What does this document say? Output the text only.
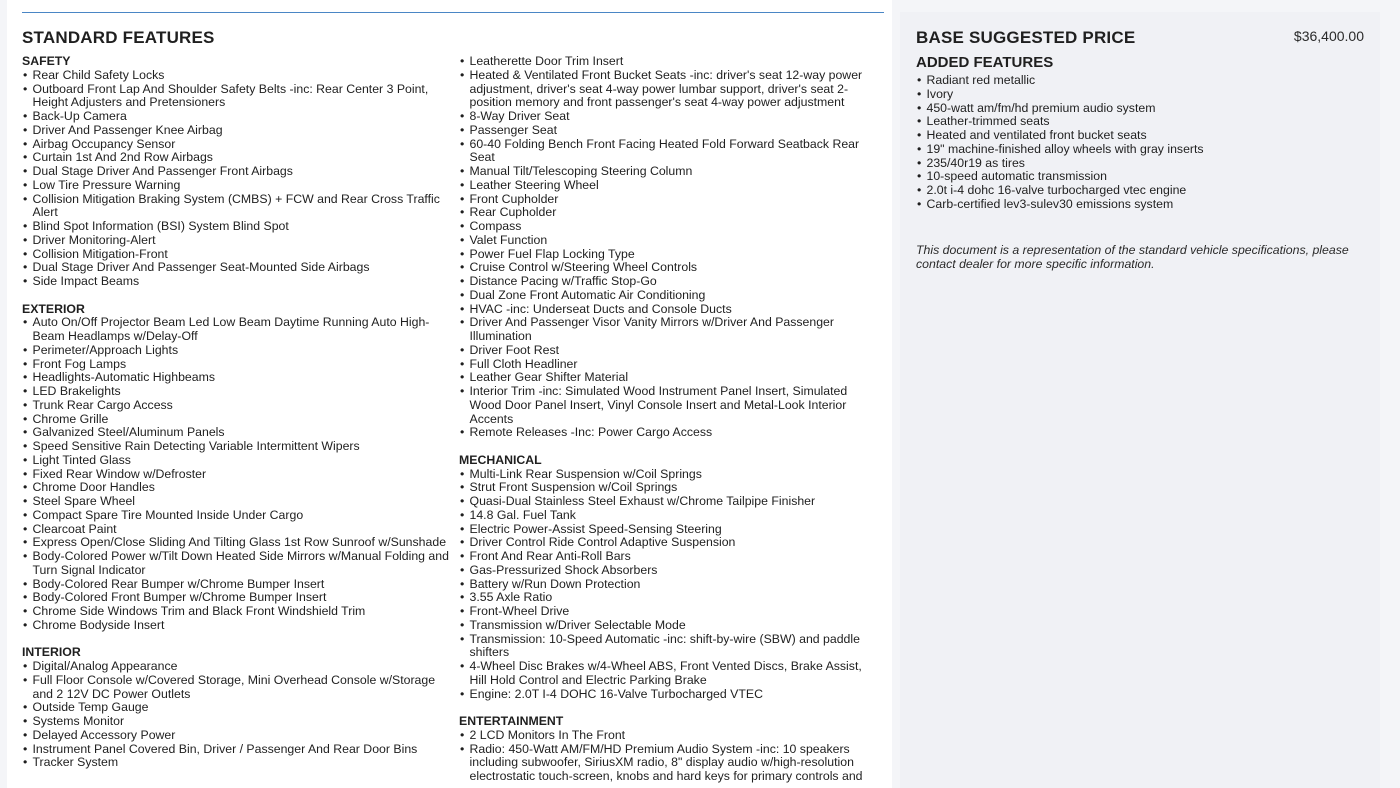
STANDARD FEATURES
SAFETY
• Rear Child Safety Locks
• Outboard Front Lap And Shoulder Safety Belts -inc: Rear Center 3 Point, Height Adjusters and Pretensioners
• Back-Up Camera
• Driver And Passenger Knee Airbag
• Airbag Occupancy Sensor
• Curtain 1st And 2nd Row Airbags
• Dual Stage Driver And Passenger Front Airbags
• Low Tire Pressure Warning
• Collision Mitigation Braking System (CMBS) + FCW and Rear Cross Traffic Alert
• Blind Spot Information (BSI) System Blind Spot
• Driver Monitoring-Alert
• Collision Mitigation-Front
• Dual Stage Driver And Passenger Seat-Mounted Side Airbags
• Side Impact Beams
EXTERIOR
• Auto On/Off Projector Beam Led Low Beam Daytime Running Auto High-Beam Headlamps w/Delay-Off
• Perimeter/Approach Lights
• Front Fog Lamps
• Headlights-Automatic Highbeams
• LED Brakelights
• Trunk Rear Cargo Access
• Chrome Grille
• Galvanized Steel/Aluminum Panels
• Speed Sensitive Rain Detecting Variable Intermittent Wipers
• Light Tinted Glass
• Fixed Rear Window w/Defroster
• Chrome Door Handles
• Steel Spare Wheel
• Compact Spare Tire Mounted Inside Under Cargo
• Clearcoat Paint
• Express Open/Close Sliding And Tilting Glass 1st Row Sunroof w/Sunshade
• Body-Colored Power w/Tilt Down Heated Side Mirrors w/Manual Folding and Turn Signal Indicator
• Body-Colored Rear Bumper w/Chrome Bumper Insert
• Body-Colored Front Bumper w/Chrome Bumper Insert
• Chrome Side Windows Trim and Black Front Windshield Trim
• Chrome Bodyside Insert
INTERIOR
• Digital/Analog Appearance
• Full Floor Console w/Covered Storage, Mini Overhead Console w/Storage and 2 12V DC Power Outlets
• Outside Temp Gauge
• Systems Monitor
• Delayed Accessory Power
• Instrument Panel Covered Bin, Driver / Passenger And Rear Door Bins
• Tracker System
• Leatherette Door Trim Insert
• Heated & Ventilated Front Bucket Seats -inc: driver's seat 12-way power adjustment, driver's seat 4-way power lumbar support, driver's seat 2-position memory and front passenger's seat 4-way power adjustment
• 8-Way Driver Seat
• Passenger Seat
• 60-40 Folding Bench Front Facing Heated Fold Forward Seatback Rear Seat
• Manual Tilt/Telescoping Steering Column
• Leather Steering Wheel
• Front Cupholder
• Rear Cupholder
• Compass
• Valet Function
• Power Fuel Flap Locking Type
• Cruise Control w/Steering Wheel Controls
• Distance Pacing w/Traffic Stop-Go
• Dual Zone Front Automatic Air Conditioning
• HVAC -inc: Underseat Ducts and Console Ducts
• Driver And Passenger Visor Vanity Mirrors w/Driver And Passenger Illumination
• Driver Foot Rest
• Full Cloth Headliner
• Leather Gear Shifter Material
• Interior Trim -inc: Simulated Wood Instrument Panel Insert, Simulated Wood Door Panel Insert, Vinyl Console Insert and Metal-Look Interior Accents
• Remote Releases -Inc: Power Cargo Access
MECHANICAL
• Multi-Link Rear Suspension w/Coil Springs
• Strut Front Suspension w/Coil Springs
• Quasi-Dual Stainless Steel Exhaust w/Chrome Tailpipe Finisher
• 14.8 Gal. Fuel Tank
• Electric Power-Assist Speed-Sensing Steering
• Driver Control Ride Control Adaptive Suspension
• Front And Rear Anti-Roll Bars
• Gas-Pressurized Shock Absorbers
• Battery w/Run Down Protection
• 3.55 Axle Ratio
• Front-Wheel Drive
• Transmission w/Driver Selectable Mode
• Transmission: 10-Speed Automatic -inc: shift-by-wire (SBW) and paddle shifters
• 4-Wheel Disc Brakes w/4-Wheel ABS, Front Vented Discs, Brake Assist, Hill Hold Control and Electric Parking Brake
• Engine: 2.0T I-4 DOHC 16-Valve Turbocharged VTEC
ENTERTAINMENT
• 2 LCD Monitors In The Front
• Radio: 450-Watt AM/FM/HD Premium Audio System -inc: 10 speakers including subwoofer, SiriusXM radio, 8" display audio w/high-resolution electrostatic touch-screen, knobs and hard keys for primary controls and
BASE SUGGESTED PRICE	$36,400.00
ADDED FEATURES
• Radiant red metallic
• Ivory
• 450-watt am/fm/hd premium audio system
• Leather-trimmed seats
• Heated and ventilated front bucket seats
• 19" machine-finished alloy wheels with gray inserts
• 235/40r19 as tires
• 10-speed automatic transmission
• 2.0t i-4 dohc 16-valve turbocharged vtec engine
• Carb-certified lev3-sulev30 emissions system

This document is a representation of the standard vehicle specifications, please contact dealer for more specific information.
